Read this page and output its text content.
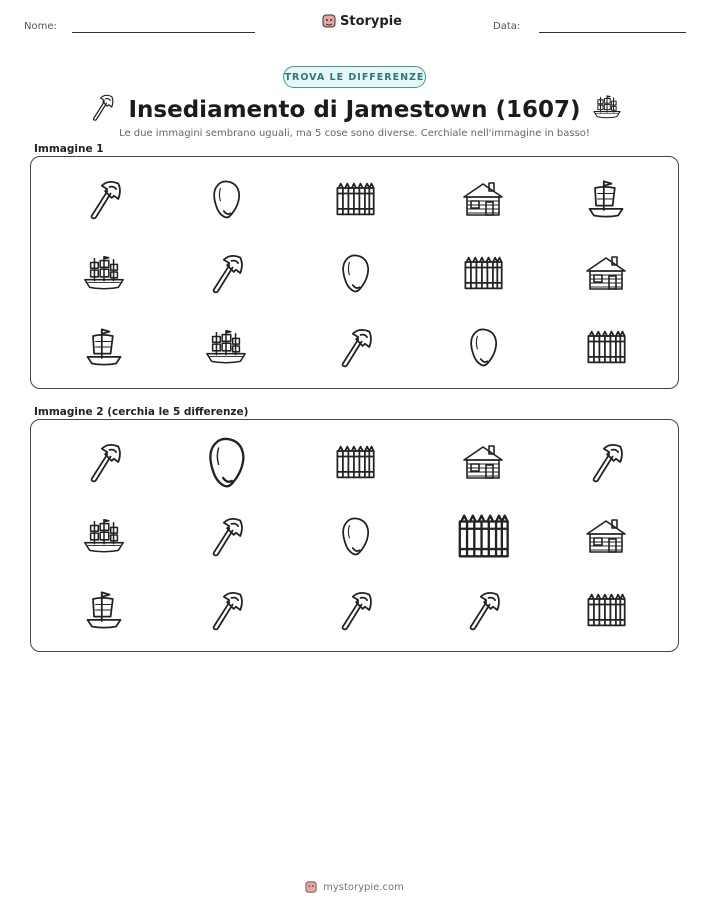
Nome:	Storypie	Data:
TROVA LE DIFFERENZE
Insediamento di Jamestown (1607)
Le due immagini sembrano uguali, ma 5 cose sono diverse. Cerchiale nell'immagine in basso!
Immagine 1
Immagine 2 (cerchia le 5 differenze)
mystorypie.com
